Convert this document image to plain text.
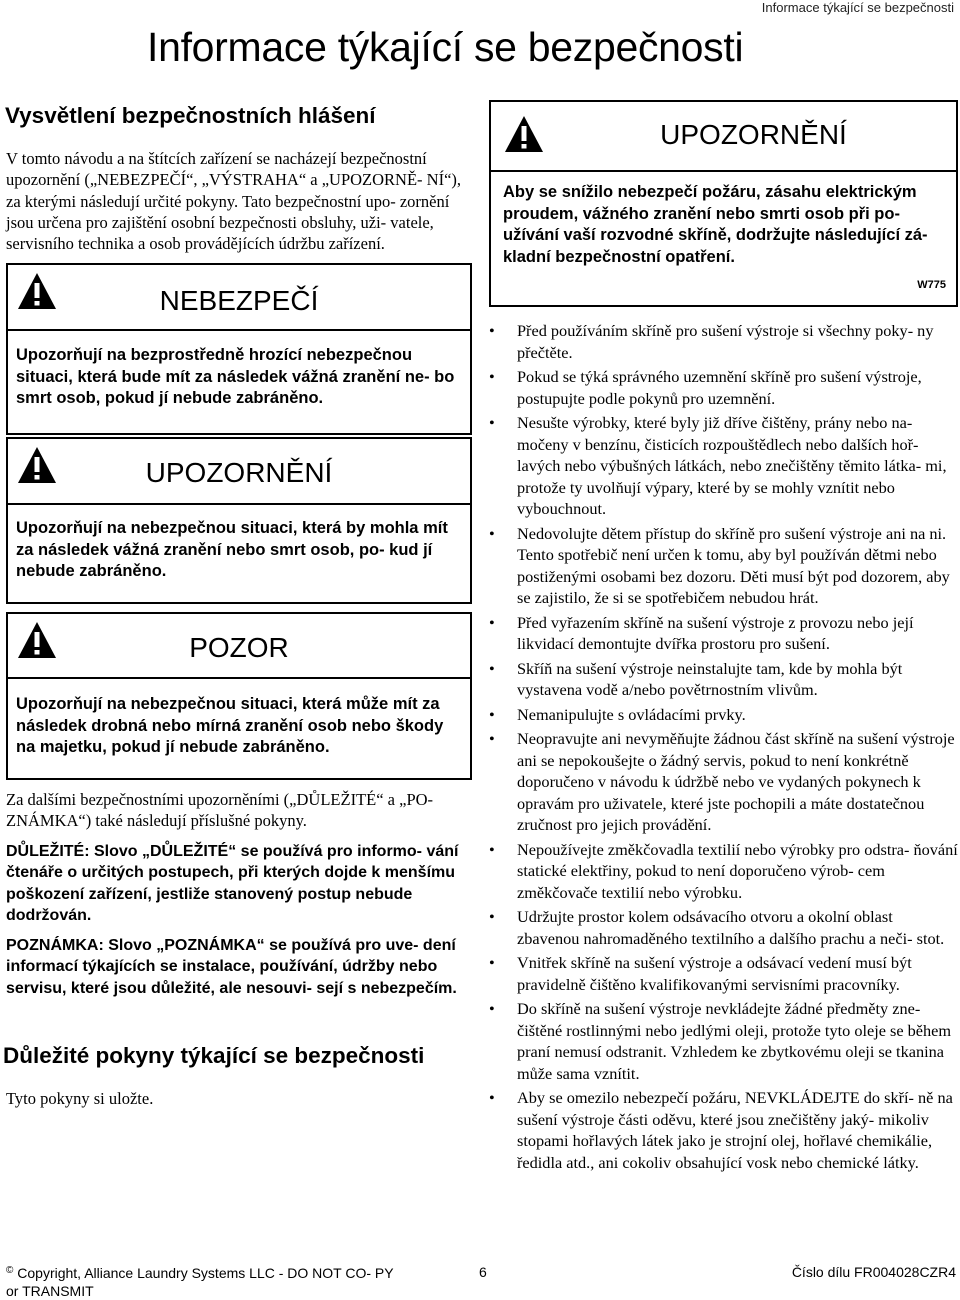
Informace týkající se bezpečnosti
Informace týkající se bezpečnosti
Vysvětlení bezpečnostních hlášení
V tomto návodu a na štítcích zařízení se nacházejí bezpečnostní upozornění („NEBEZPEČÍ“, „VÝSTRAHA“ a „UPOZORNĚ- NÍ“), za kterými následují určité pokyny. Tato bezpečnostní upo- zornění jsou určena pro zajištění osobní bezpečnosti obsluhy, uži- vatele, servisního technika a osob provádějících údržbu zařízení.
NEBEZPEČÍ
Upozorňují na bezprostředně hrozící nebezpečnou situaci, která bude mít za následek vážná zranění ne- bo smrt osob, pokud jí nebude zabráněno.
UPOZORNĚNÍ
Upozorňují na nebezpečnou situaci, která by mohla mít za následek vážná zranění nebo smrt osob, po- kud jí nebude zabráněno.
POZOR
Upozorňují na nebezpečnou situaci, která může mít za následek drobná nebo mírná zranění osob nebo škody na majetku, pokud jí nebude zabráněno.
Za dalšími bezpečnostními upozorněními („DŮLEŽITÉ“ a „PO- ZNÁMKA“) také následují příslušné pokyny.
DŮLEŽITÉ: Slovo „DŮLEŽITÉ“ se používá pro informo- vání čtenáře o určitých postupech, při kterých dojde k menšímu poškození zařízení, jestliže stanovený postup nebude dodržován.
POZNÁMKA: Slovo „POZNÁMKA“ se používá pro uve- dení informací týkajících se instalace, používání, údržby nebo servisu, které jsou důležité, ale nesouvi- sejí s nebezpečím.
Důležité pokyny týkající se bezpečnosti
Tyto pokyny si uložte.
UPOZORNĚNÍ
Aby se snížilo nebezpečí požáru, zásahu elektrickým proudem, vážného zranění nebo smrti osob při po- užívání vaší rozvodné skříně, dodržujte následující zá- kladní bezpečnostní opatření.
W775
• Před používáním skříně pro sušení výstroje si všechny poky- ny přečtěte.
• Pokud se týká správného uzemnění skříně pro sušení výstroje, postupujte podle pokynů pro uzemnění.
• Nesušte výrobky, které byly již dříve čištěny, prány nebo na- močeny v benzínu, čisticích rozpouštědlech nebo dalších hoř- lavých nebo výbušných látkách, nebo znečištěny těmito látka- mi, protože ty uvolňují výpary, které by se mohly vznítit nebo vybouchnout.
• Nedovolujte dětem přístup do skříně pro sušení výstroje ani na ni. Tento spotřebič není určen k tomu, aby byl používán dětmi nebo postiženými osobami bez dozoru. Děti musí být pod dozorem, aby se zajistilo, že si se spotřebičem nebudou hrát.
• Před vyřazením skříně na sušení výstroje z provozu nebo její likvidací demontujte dvířka prostoru pro sušení.
• Skříň na sušení výstroje neinstalujte tam, kde by mohla být vystavena vodě a/nebo povětrnostním vlivům.
• Nemanipulujte s ovládacími prvky.
• Neopravujte ani nevyměňujte žádnou část skříně na sušení výstroje ani se nepokoušejte o žádný servis, pokud to není konkrétně doporučeno v návodu k údržbě nebo ve vydaných pokynech k opravám pro uživatele, které jste pochopili a máte dostatečnou zručnost pro jejich provádění.
• Nepoužívejte změkčovadla textilií nebo výrobky pro odstra- ňování statické elektřiny, pokud to není doporučeno výrob- cem změkčovače textilií nebo výrobku.
• Udržujte prostor kolem odsávacího otvoru a okolní oblast zbavenou nahromaděného textilního a dalšího prachu a neči- stot.
• Vnitřek skříně na sušení výstroje a odsávací vedení musí být pravidelně čištěno kvalifikovanými servisními pracovníky.
• Do skříně na sušení výstroje nevkládejte žádné předměty zne- čištěné rostlinnými nebo jedlými oleji, protože tyto oleje se během praní nemusí odstranit. Vzhledem ke zbytkovému oleji se tkanina může sama vznítit.
• Aby se omezilo nebezpečí požáru, NEVKLÁDEJTE do skří- ně na sušení výstroje části oděvu, které jsou znečištěny jaký- mikoliv stopami hořlavých látek jako je strojní olej, hořlavé chemikálie, ředidla atd., ani cokoliv obsahující vosk nebo chemické látky.
© Copyright, Alliance Laundry Systems LLC - DO NOT CO- PY or TRANSMIT
6	Číslo dílu FR004028CZR4
